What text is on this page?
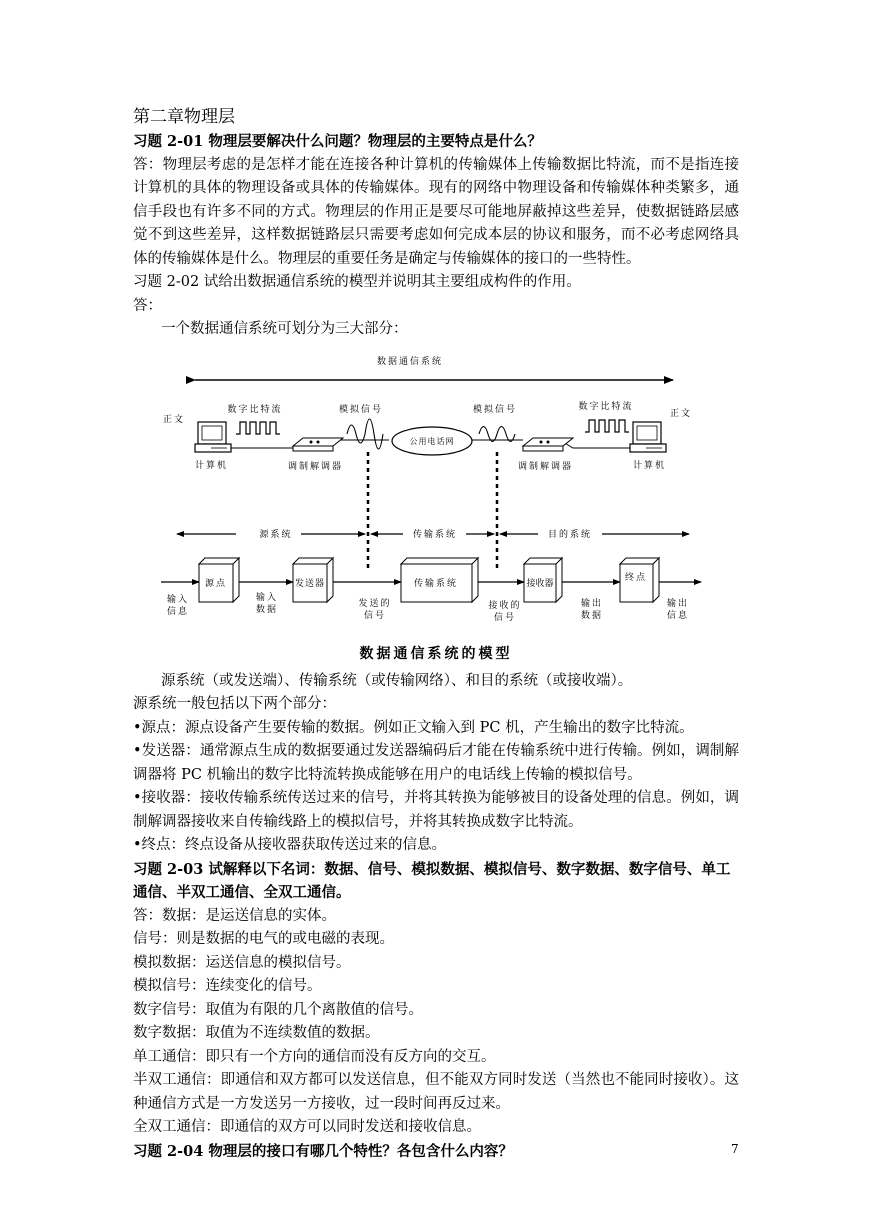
第二章物理层
习题 2-01 物理层要解决什么问题？物理层的主要特点是什么？

答：物理层考虑的是怎样才能在连接各种计算机的传输媒体上传输数据比特流，而不是指连接计算机的具体的物理设备或具体的传输媒体。现有的网络中物理设备和传输媒体种类繁多，通信手段也有许多不同的方式。物理层的作用正是要尽可能地屏蔽掉这些差异，使数据链路层感觉不到这些差异，这样数据链路层只需要考虑如何完成本层的协议和服务，而不必考虑网络具体的传输媒体是什么。物理层的重要任务是确定与传输媒体的接口的一些特性。

习题 2-02 试给出数据通信系统的模型并说明其主要组成构件的作用。

答：

一个数据通信系统可划分为三大部分：

数据通信系统
正文
正文
数字比特流	模拟信号	模拟信号	数字比特流
计算机	计算机
调制解调器	调制解调器
公用电话网
源系统	传输系统	目的系统
源点	发送器	传输系统	接收器
终点
输入
信息
输入
数据
发送的
信号
接收的
信号
输出
数据
输出
信息
数据通信系统的模型

源系统（或发送端）、传输系统（或传输网络）、和目的系统（或接收端）。

源系统一般包括以下两个部分：

•源点：源点设备产生要传输的数据。例如正文输入到 PC 机，产生输出的数字比特流。

•发送器：通常源点生成的数据要通过发送器编码后才能在传输系统中进行传输。例如，调制解调器将 PC 机输出的数字比特流转换成能够在用户的电话线上传输的模拟信号。

•接收器：接收传输系统传送过来的信号，并将其转换为能够被目的设备处理的信息。例如，调制解调器接收来自传输线路上的模拟信号，并将其转换成数字比特流。

•终点：终点设备从接收器获取传送过来的信息。

习题 2-03 试解释以下名词：数据、信号、模拟数据、模拟信号、数字数据、数字信号、单工通信、半双工通信、全双工通信。

答：数据：是运送信息的实体。

信号：则是数据的电气的或电磁的表现。

模拟数据：运送信息的模拟信号。

模拟信号：连续变化的信号。

数字信号：取值为有限的几个离散值的信号。

数字数据：取值为不连续数值的数据。

单工通信：即只有一个方向的通信而没有反方向的交互。

半双工通信：即通信和双方都可以发送信息，但不能双方同时发送（当然也不能同时接收）。这种通信方式是一方发送另一方接收，过一段时间再反过来。

全双工通信：即通信的双方可以同时发送和接收信息。

习题 2-04 物理层的接口有哪几个特性？各包含什么内容？	7
